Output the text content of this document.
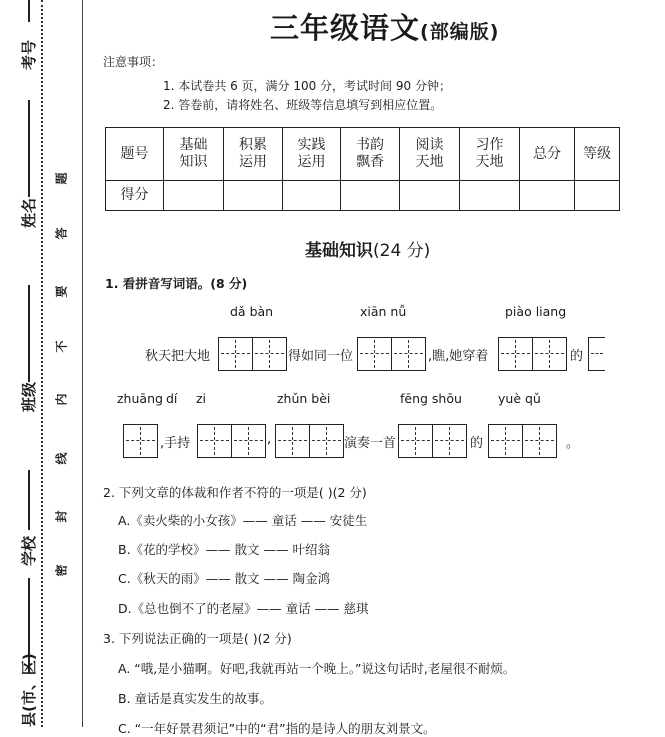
考号
姓名
班级
学校
县(市、区)
密
封
线
内
不
要
答
题
三年级语文(部编版)
注意事项：
1. 本试卷共 6 页，满分 100 分，考试时间 90 分钟；
2. 答卷前，请将姓名、班级等信息填写到相应位置。
题号	基础知识	积累运用	实践运用	书韵飘香	阅读天地	习作天地	总分	等级
得分								
基础知识(24 分)
1. 看拼音写词语。(8 分)
dǎ bàn	xiān nǚ	piào liang
秋天把大地	得如同一位	,瞧,她穿着	的
zhuāng dí zi	zhǔn bèi	fēng shōu	yuè qǔ
,手持	,	演奏一首	的	。
2. 下列文章的体裁和作者不符的一项是( )(2 分)
A.《卖火柴的小女孩》—— 童话 —— 安徒生
B.《花的学校》—— 散文 —— 叶绍翁
C.《秋天的雨》—— 散文 —— 陶金鸿
D.《总也倒不了的老屋》—— 童话 —— 慈琪
3. 下列说法正确的一项是( )(2 分)
A. “哦,是小猫啊。好吧,我就再站一个晚上。”说这句话时,老屋很不耐烦。
B. 童话是真实发生的故事。
C. “一年好景君须记”中的“君”指的是诗人的朋友刘景文。
